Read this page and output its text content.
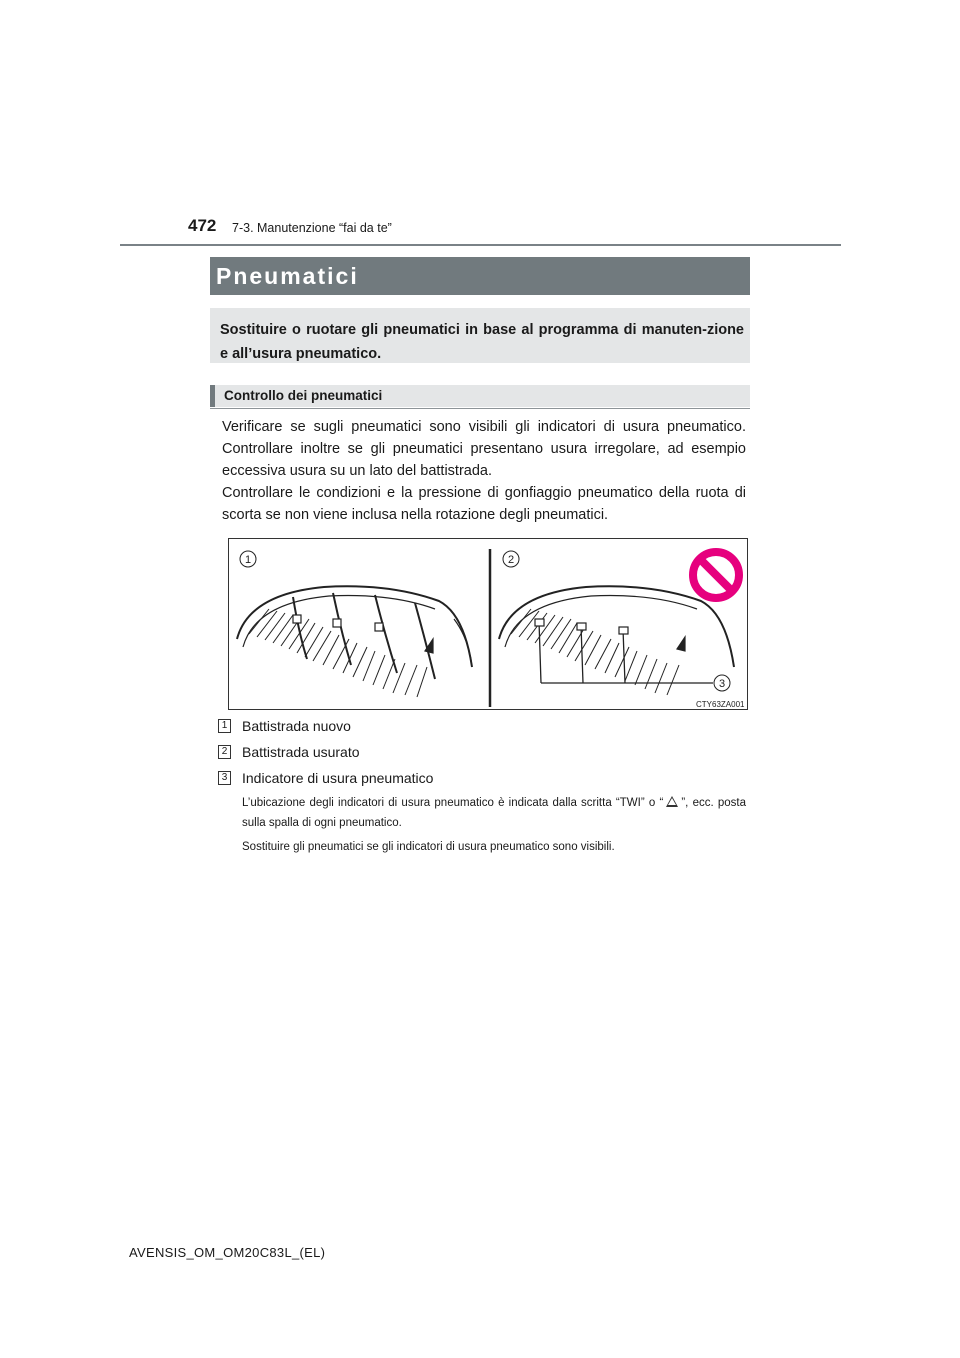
472 7-3. Manutenzione “fai da te”
Pneumatici

Sostituire o ruotare gli pneumatici in base al programma di manuten-zione e all’usura pneumatico.

Controllo dei pneumatici

Verificare se sugli pneumatici sono visibili gli indicatori di usura pneumatico. Controllare inoltre se gli pneumatici presentano usura irregolare, ad esempio eccessiva usura su un lato del battistrada.

Controllare le condizioni e la pressione di gonfiaggio pneumatico della ruota di scorta se non viene inclusa nella rotazione degli pneumatici.

1	2
3
CTY63ZA001
1 Battistrada nuovo
2 Battistrada usurato
3 Indicatore di usura pneumatico

L’ubicazione degli indicatori di usura pneumatico è indicata dalla scritta “TWI” o “ ”, ecc. posta sulla spalla di ogni pneumatico.

Sostituire gli pneumatici se gli indicatori di usura pneumatico sono visibili.

AVENSIS_OM_OM20C83L_(EL)
